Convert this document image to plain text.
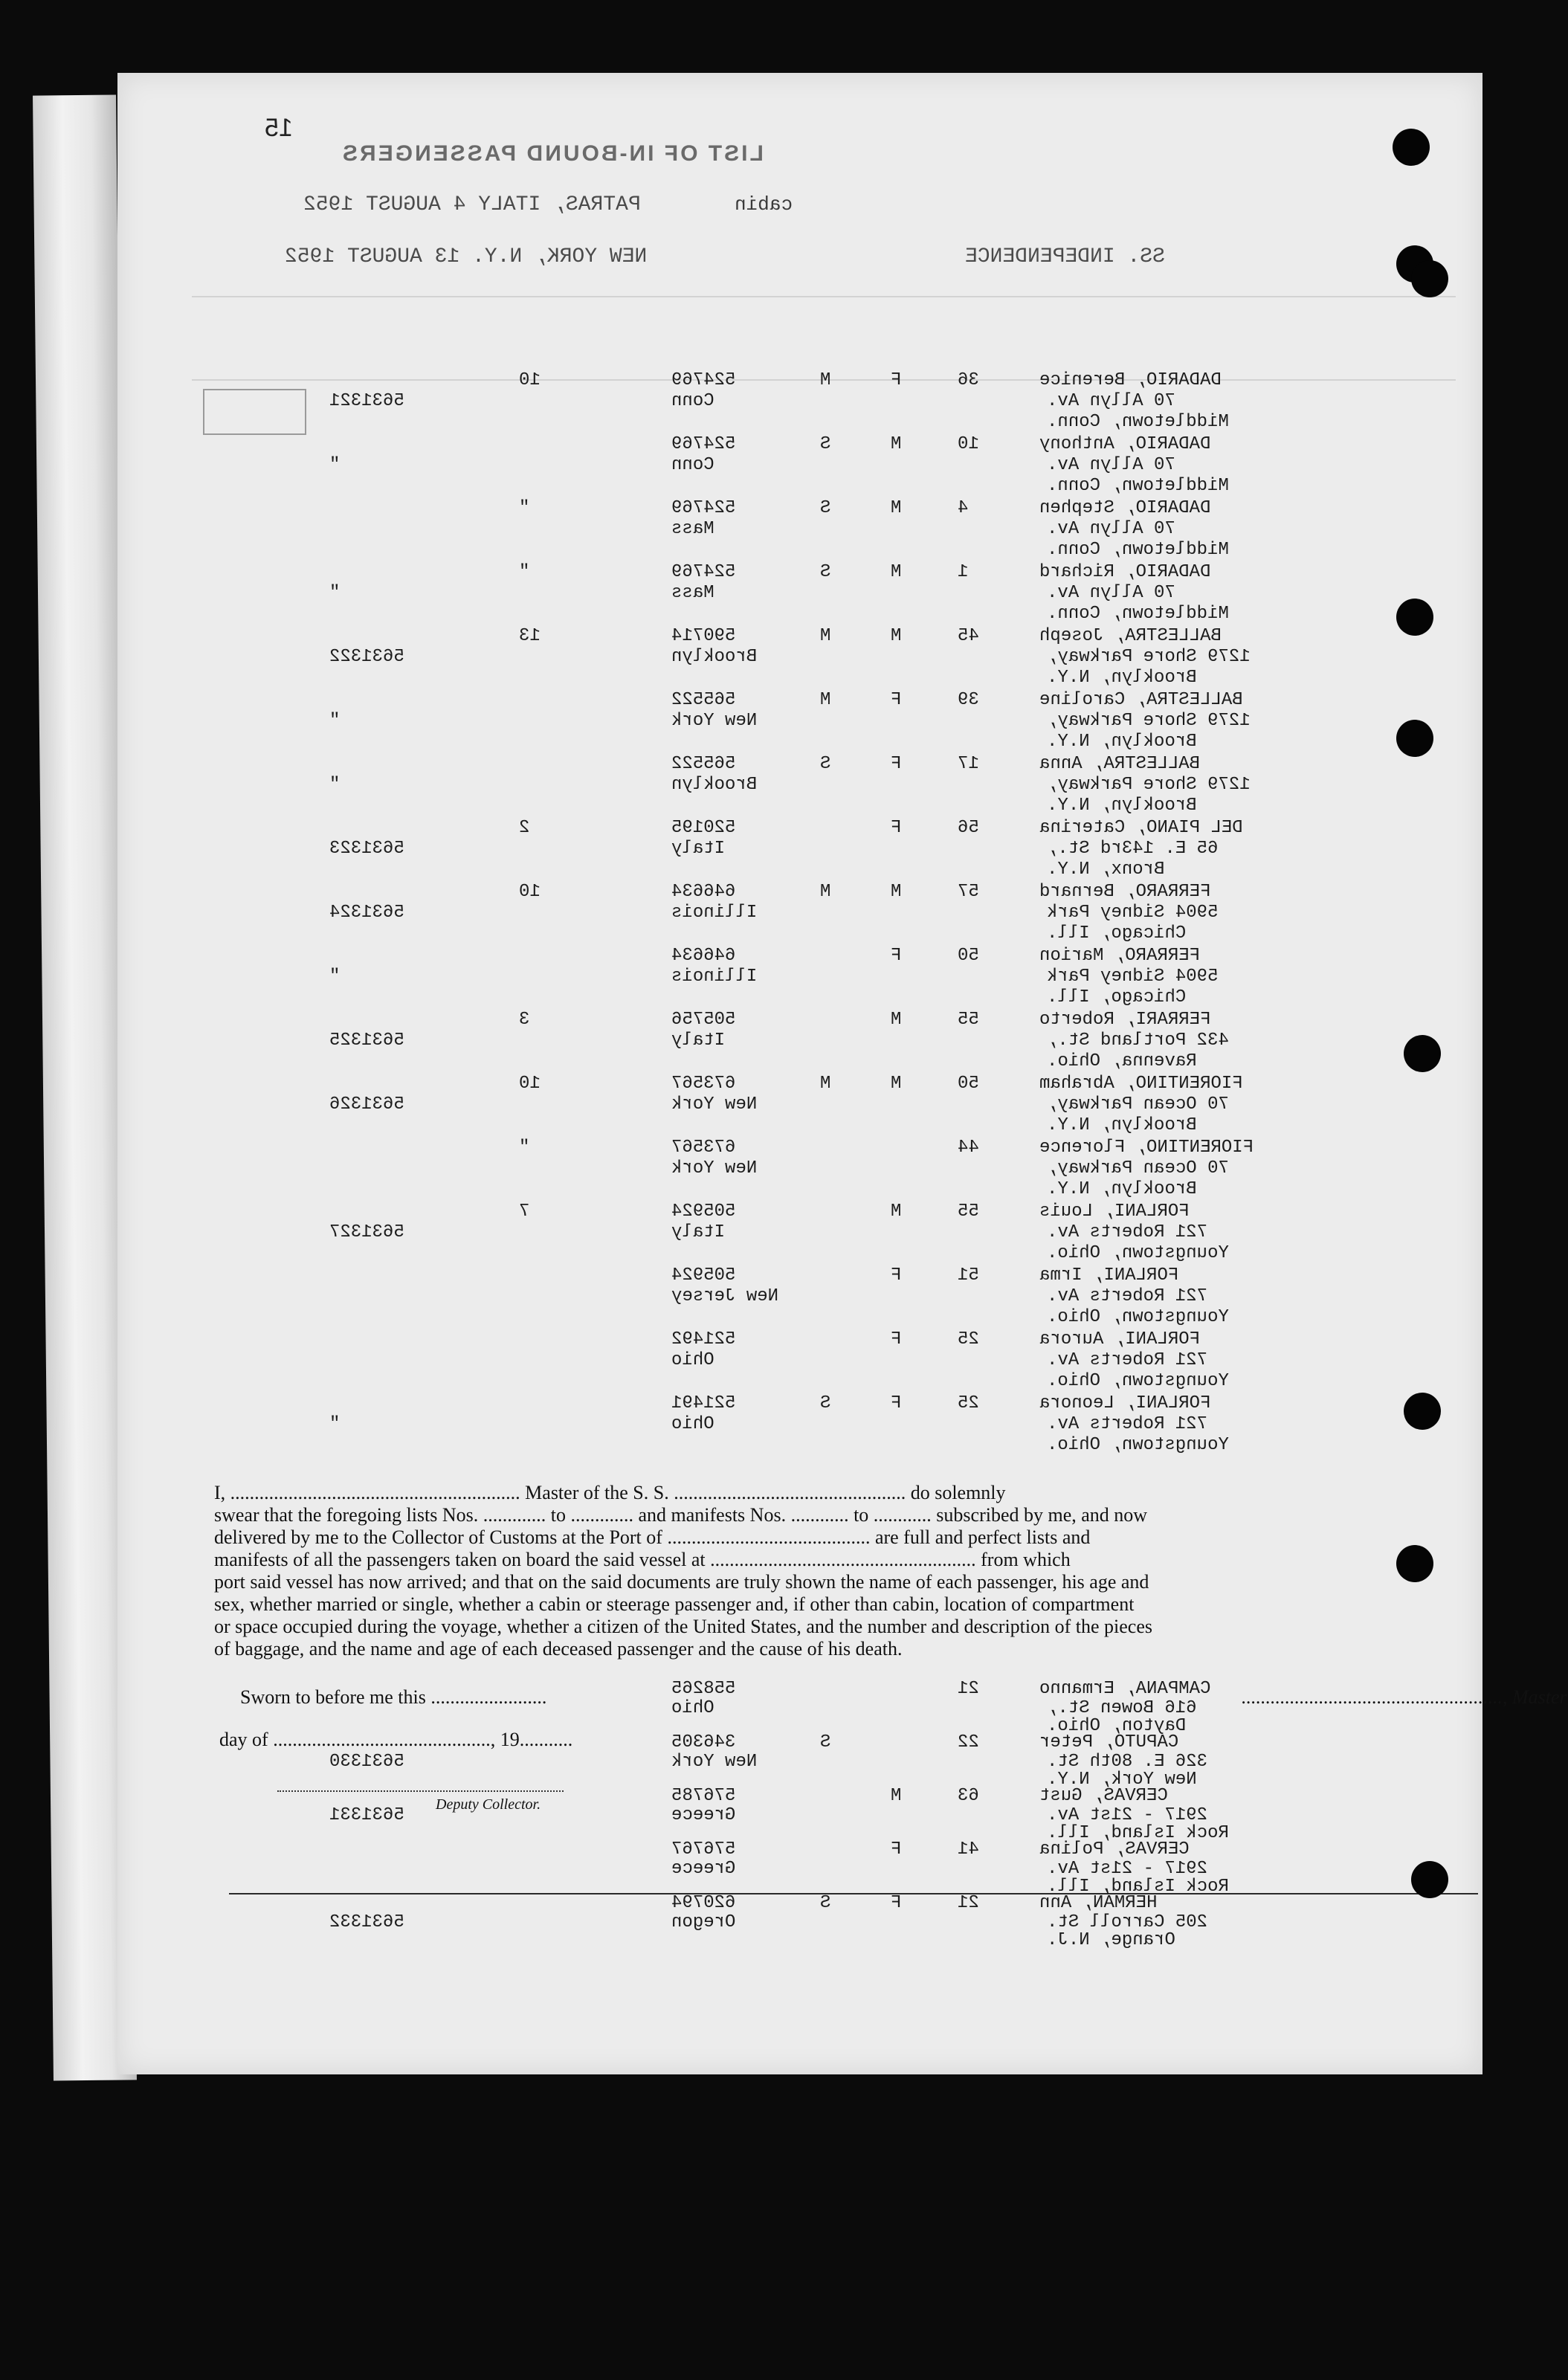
15
LIST OF IN-BOUND PASSENGERS
cabin
PATRAS, ITALY 4 AUGUST 1952
SS. INDEPENDENCE
NEW YORK, N.Y. 13 AUGUST 1952
DADARIO, Berenice
70 Allyn Av.
Middletown, Conn.
36
F
M
524769
Conn
10
5631321
DADARIO, Anthony
70 Allyn Av.
Middletown, Conn.
10
M
S
524769
Conn
"
DADARIO, Stephen
70 Allyn Av.
Middletown, Conn.
4
M
S
524769
Mass
"
DADARIO, Richard
70 Allyn Av.
Middletown, Conn.
1
M
S
524769
Mass
"
"
BALLESTRA, Joseph
1279 Shore Parkway,
Brooklyn, N.Y.
45
M
M
590714
Brooklyn
13
5631322
BALLESTRA, Caroline
1279 Shore Parkway,
Brooklyn, N.Y.
39
F
M
565522
New York
"
BALLESTRA, Anna
1279 Shore Parkway,
Brooklyn, N.Y.
17
F
S
565522
Brooklyn
"
DEL PIANO, Caterina
65 E. 143rd St.,
Bronx, N.Y.
56
F
520195
Italy
2
5631323
FERRARO, Bernard
5904 Sidney Park
Chicago, Ill.
57
M
M
646634
Illinois
10
5631324
FERRARO, Marion
5904 Sidney Park
Chicago, Ill.
50
F
646634
Illinois
"
FERRARI, Roberto
432 Portland St.,
Ravenna, Ohio.
55
M
505756
Italy
3
5631325
FIORENTINO, Abraham
70 Ocean Parkway,
Brooklyn, N.Y.
50
M
M
673567
New York
10
5631326
FIORENTINO, Florence
70 Ocean Parkway,
Brooklyn, N.Y.
44
673567
New York
"
FORLANI, Louis
721 Roberts Av.
Youngstown, Ohio.
55
M
505924
Italy
7
5631327
FORLANI, Irma
721 Roberts Av.
Youngstown, Ohio.
51
F
505924
New Jersey
FORLANI, Aurora
721 Roberts Av.
Youngstown, Ohio.
25
F
521492
Ohio
FORLANI, Leonora
721 Roberts Av.
Youngstown, Ohio.
25
F
S
521491
Ohio
"

I, ............................................................ Master of the S. S. ................................................ do solemnly

swear that the foregoing lists Nos. ............. to ............. and manifests Nos. ............ to ............ subscribed by me, and now

delivered by me to the Collector of Customs at the Port of .......................................... are full and perfect lists and

manifests of all the passengers taken on board the said vessel at ....................................................... from which

port said vessel has now arrived; and that on the said documents are truly shown the name of each passenger, his age and

sex, whether married or single, whether a cabin or steerage passenger and, if other than cabin, location of compartment

or space occupied during the voyage, whether a citizen of the United States, and the number and description of the pieces

of baggage, and the name and age of each deceased passenger and the cause of his death.

Sworn to before me this ........................
day of ............................................., 19...........
......................................................, Master
Deputy Collector.
CAMPANA, Ermanno
616 Bowen St.,
Dayton, Ohio.
21
558265
Ohio
CAPUTO, Peter
326 E. 80th St.
New York, N.Y.
22
S
346305
New York
5631330
CERVAS, Gust
2917 - 21st Av.
Rock Island, Ill.
63
M
576785
Greece
5631331
CERVAS, Polina
2917 - 21st Av.
Rock Island, Ill.
41
F
576767
Greece
HERMAN, Ann
205 Carroll St.
Orange, N.J.
21
F
S
620794
Oregon
5631332
